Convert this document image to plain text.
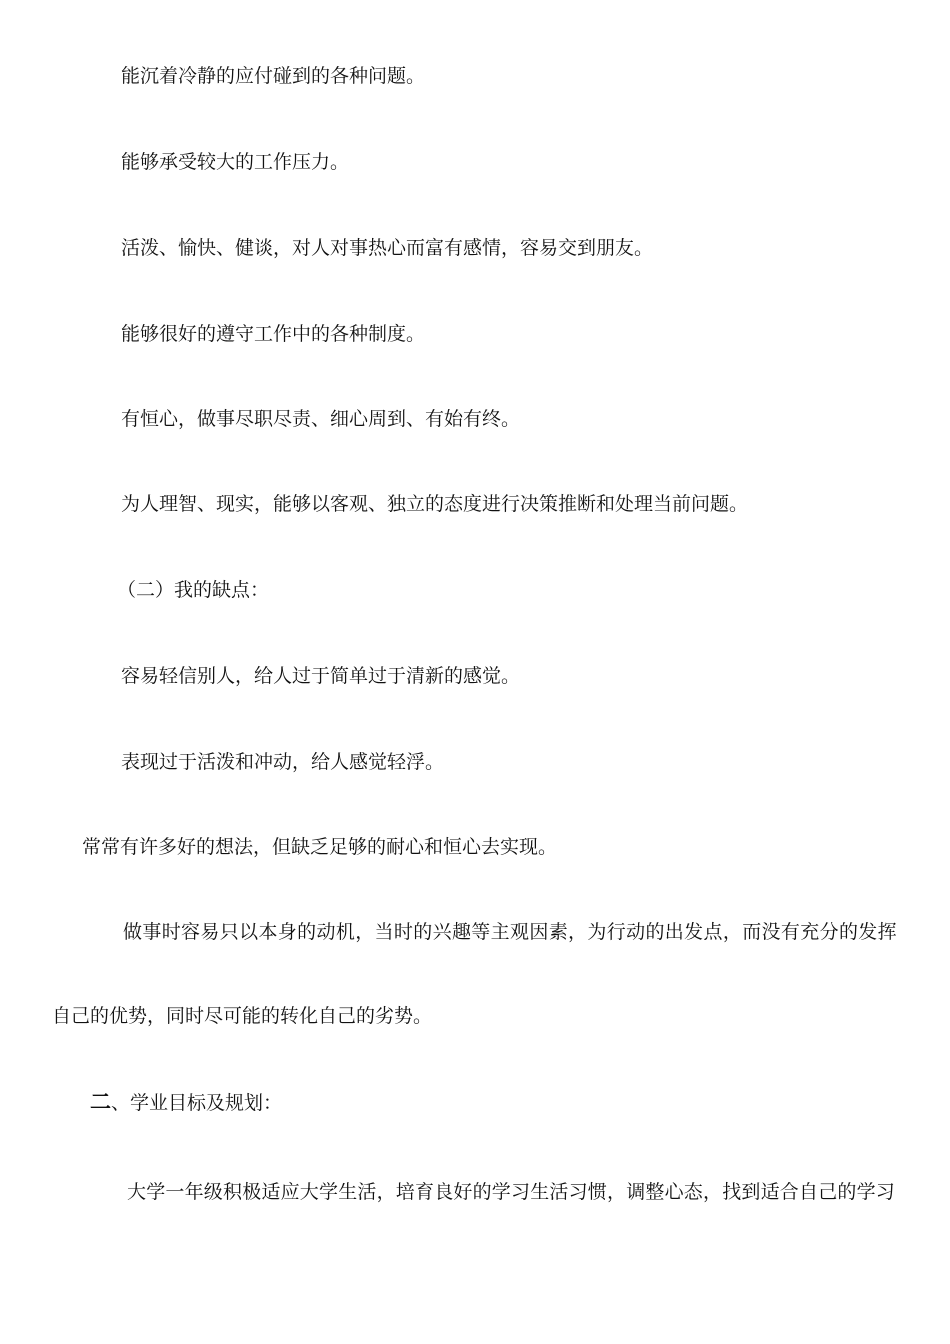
能沉着冷静的应付碰到的各种问题。

能够承受较大的工作压力。

活泼、愉快、健谈，对人对事热心而富有感情，容易交到朋友。

能够很好的遵守工作中的各种制度。

有恒心，做事尽职尽责、细心周到、有始有终。

为人理智、现实，能够以客观、独立的态度进行决策推断和处理当前问题。

（二）我的缺点：

容易轻信别人，给人过于简单过于清新的感觉。

表现过于活泼和冲动，给人感觉轻浮。

常常有许多好的想法，但缺乏足够的耐心和恒心去实现。

做事时容易只以本身的动机，当时的兴趣等主观因素，为行动的出发点，而没有充分的发挥

自己的优势，同时尽可能的转化自己的劣势。

二、学业目标及规划：

大学一年级积极适应大学生活，培育良好的学习生活习惯，调整心态，找到适合自己的学习
